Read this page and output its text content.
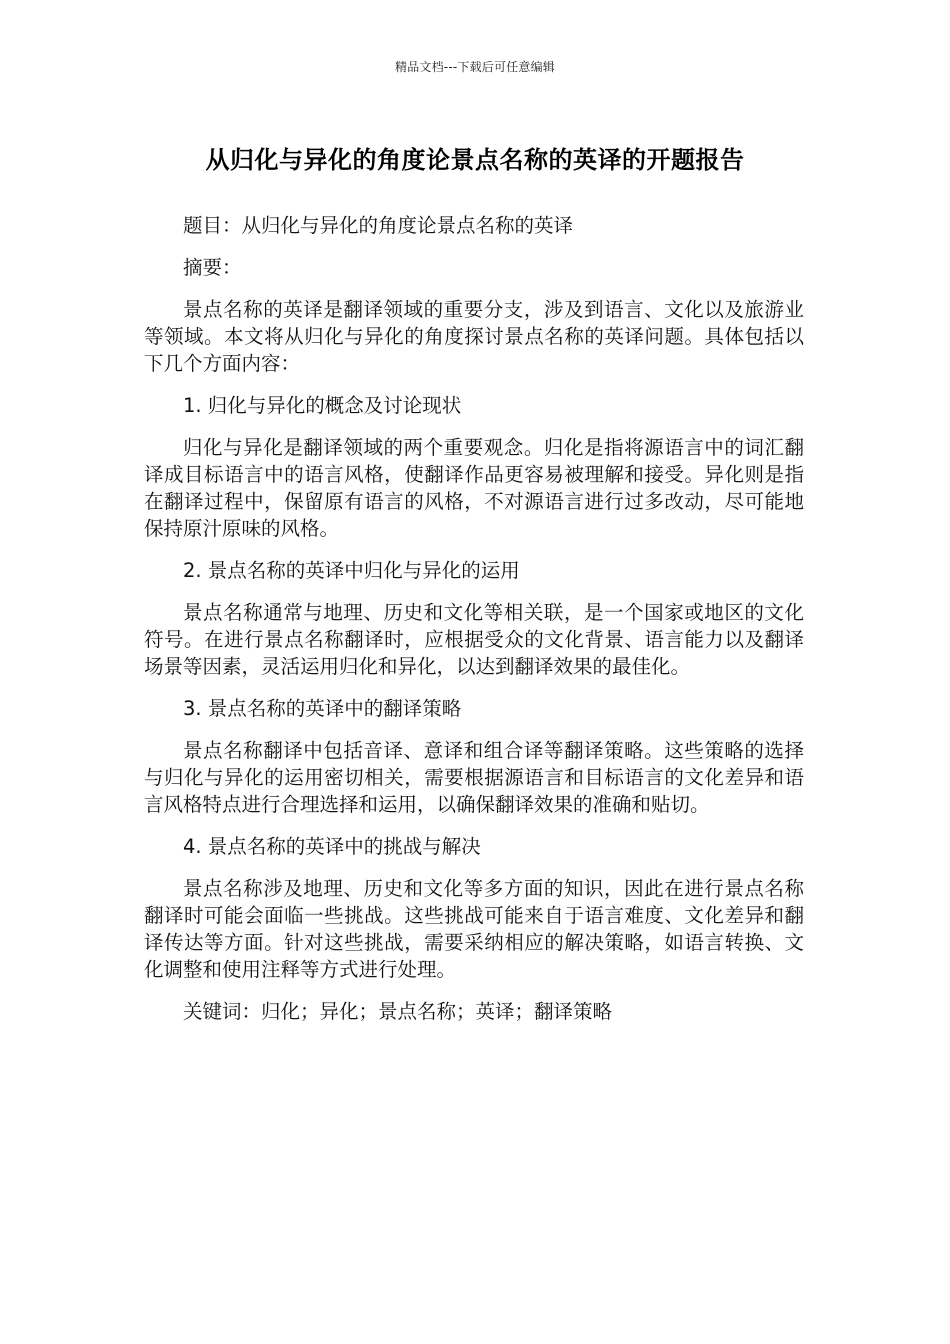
精品文档---下载后可任意编辑
从归化与异化的角度论景点名称的英译的开题报告

题目：从归化与异化的角度论景点名称的英译

摘要：

景点名称的英译是翻译领域的重要分支，涉及到语言、文化以及旅游业等领域。本文将从归化与异化的角度探讨景点名称的英译问题。具体包括以下几个方面内容：

1. 归化与异化的概念及讨论现状

归化与异化是翻译领域的两个重要观念。归化是指将源语言中的词汇翻译成目标语言中的语言风格，使翻译作品更容易被理解和接受。异化则是指在翻译过程中，保留原有语言的风格，不对源语言进行过多改动，尽可能地保持原汁原味的风格。

2. 景点名称的英译中归化与异化的运用

景点名称通常与地理、历史和文化等相关联，是一个国家或地区的文化符号。在进行景点名称翻译时，应根据受众的文化背景、语言能力以及翻译场景等因素，灵活运用归化和异化，以达到翻译效果的最佳化。

3. 景点名称的英译中的翻译策略

景点名称翻译中包括音译、意译和组合译等翻译策略。这些策略的选择与归化与异化的运用密切相关，需要根据源语言和目标语言的文化差异和语言风格特点进行合理选择和运用，以确保翻译效果的准确和贴切。

4. 景点名称的英译中的挑战与解决

景点名称涉及地理、历史和文化等多方面的知识，因此在进行景点名称翻译时可能会面临一些挑战。这些挑战可能来自于语言难度、文化差异和翻译传达等方面。针对这些挑战，需要采纳相应的解决策略，如语言转换、文化调整和使用注释等方式进行处理。

关键词：归化；异化；景点名称；英译；翻译策略
